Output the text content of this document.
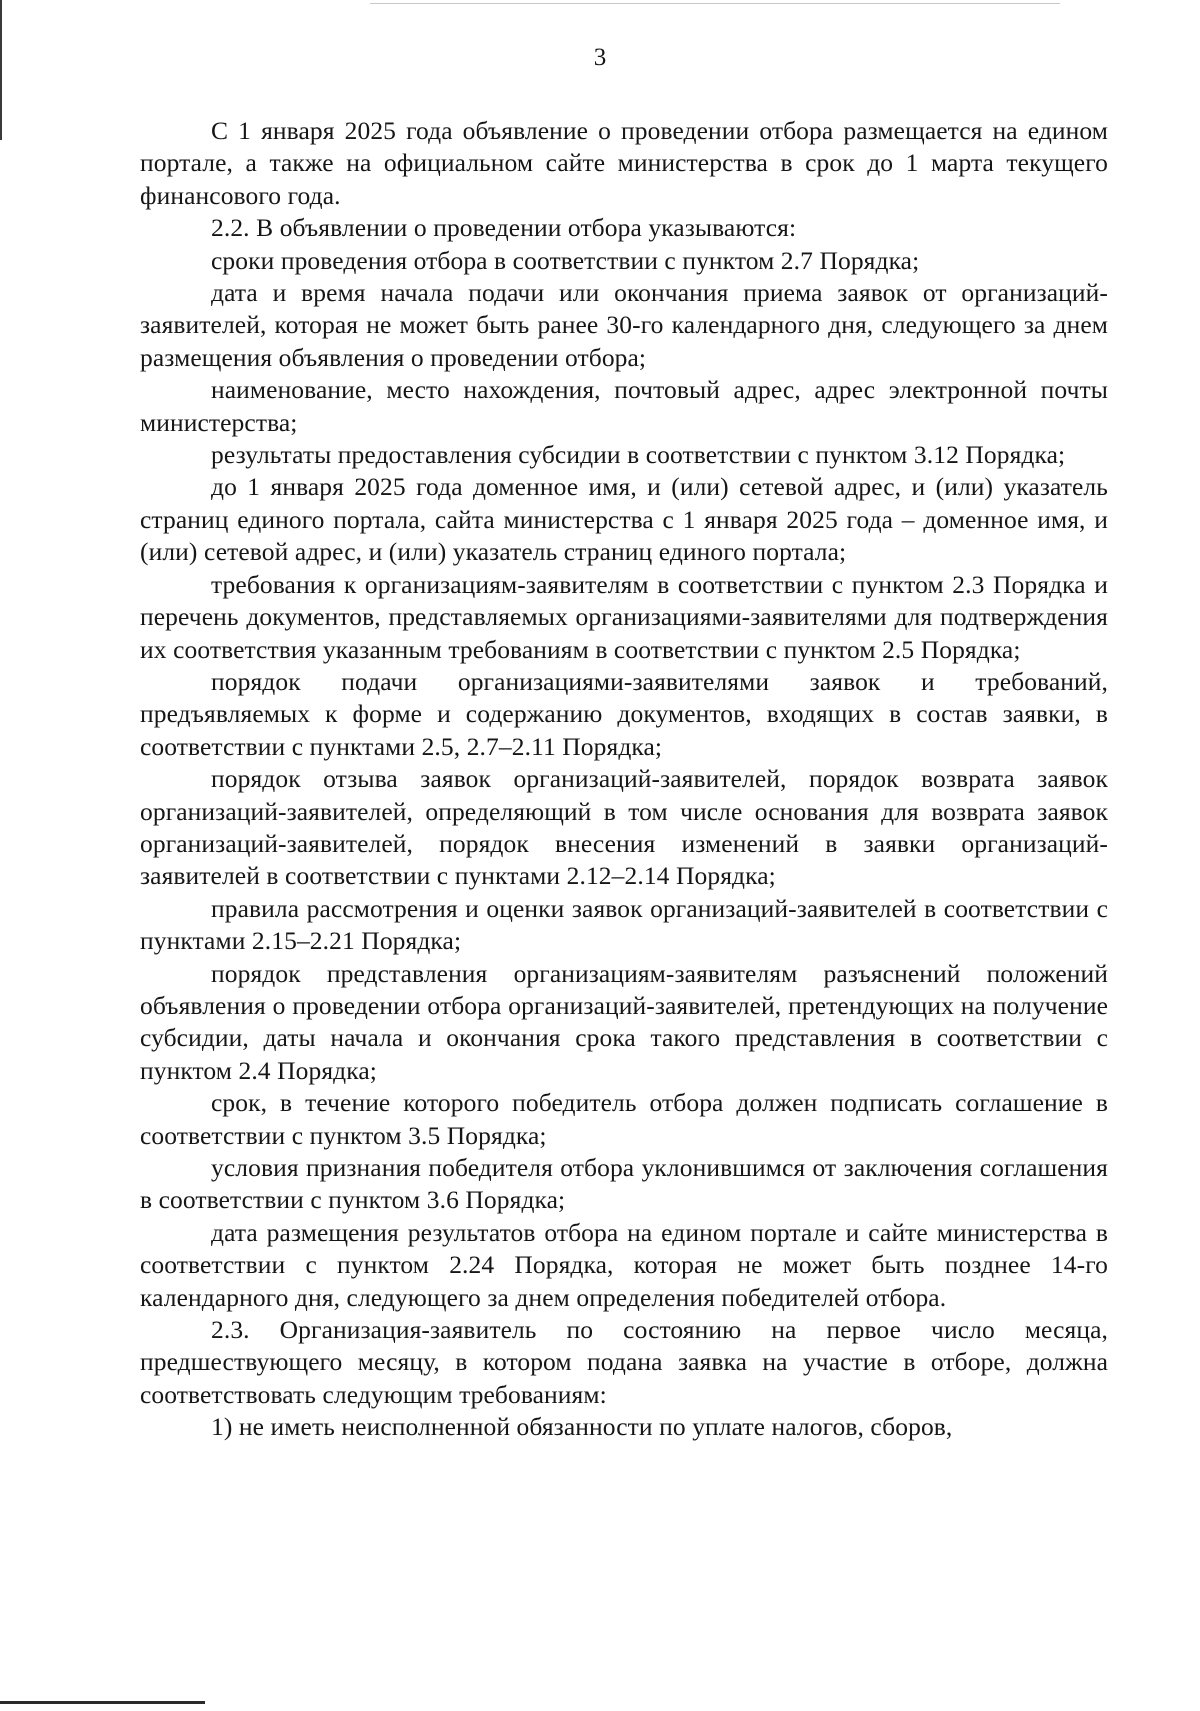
3

С 1 января 2025 года объявление о проведении отбора размещается на едином портале, а также на официальном сайте министерства в срок до 1 марта текущего финансового года.

2.2. В объявлении о проведении отбора указываются:

сроки проведения отбора в соответствии с пунктом 2.7 Порядка;

дата и время начала подачи или окончания приема заявок от организаций-заявителей, которая не может быть ранее 30-го календарного дня, следующего за днем размещения объявления о проведении отбора;

наименование, место нахождения, почтовый адрес, адрес электронной почты министерства;

результаты предоставления субсидии в соответствии с пунктом 3.12 Порядка;

до 1 января 2025 года доменное имя, и (или) сетевой адрес, и (или) указатель страниц единого портала, сайта министерства с 1 января 2025 года – доменное имя, и (или) сетевой адрес, и (или) указатель страниц единого портала;

требования к организациям-заявителям в соответствии с пунктом 2.3 Порядка и перечень документов, представляемых организациями-заявителями для подтверждения их соответствия указанным требованиям в соответствии с пунктом 2.5 Порядка;

порядок подачи организациями-заявителями заявок и требований, предъявляемых к форме и содержанию документов, входящих в состав заявки, в соответствии с пунктами 2.5, 2.7–2.11 Порядка;

порядок отзыва заявок организаций-заявителей, порядок возврата заявок организаций-заявителей, определяющий в том числе основания для возврата заявок организаций-заявителей, порядок внесения изменений в заявки организаций-заявителей в соответствии с пунктами 2.12–2.14 Порядка;

правила рассмотрения и оценки заявок организаций-заявителей в соответствии с пунктами 2.15–2.21 Порядка;

порядок представления организациям-заявителям разъяснений положений объявления о проведении отбора организаций-заявителей, претендующих на получение субсидии, даты начала и окончания срока такого представления в соответствии с пунктом 2.4 Порядка;

срок, в течение которого победитель отбора должен подписать соглашение в соответствии с пунктом 3.5 Порядка;

условия признания победителя отбора уклонившимся от заключения соглашения в соответствии с пунктом 3.6 Порядка;

дата размещения результатов отбора на едином портале и сайте министерства в соответствии с пунктом 2.24 Порядка, которая не может быть позднее 14-го календарного дня, следующего за днем определения победителей отбора.

2.3. Организация-заявитель по состоянию на первое число месяца, предшествующего месяцу, в котором подана заявка на участие в отборе, должна соответствовать следующим требованиям:

1) не иметь неисполненной обязанности по уплате налогов, сборов,
